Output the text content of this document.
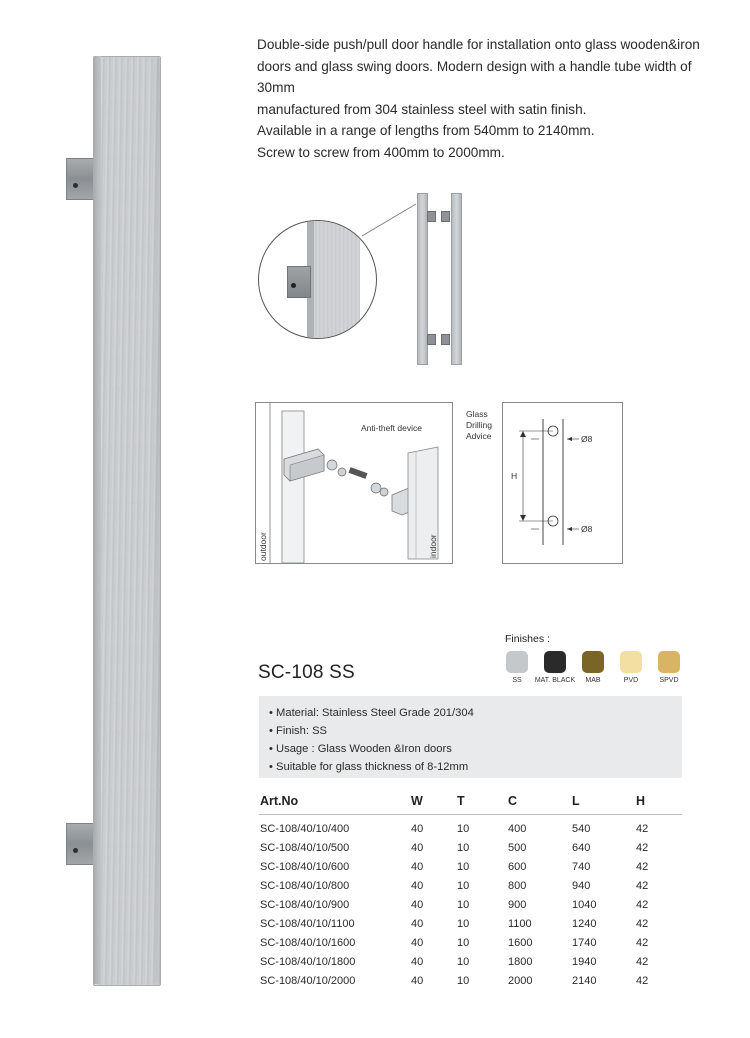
Double-side push/pull door handle for installation onto glass wooden&iron

doors and glass swing doors. Modern design with a handle tube width of 30mm

manufactured from 304 stainless steel with satin finish.

Available in a range of lengths from 540mm to 2140mm.

Screw to screw from 400mm to 2000mm.

Anti-theft device
outdoor	indoor
Glass
Drilling
Advice
H
Ø8
Ø8
SC-108 SS
Finishes :
SS	MAT. BLACK	MAB	PVD	SPVD
• Material: Stainless Steel Grade 201/304
• Finish: SS
• Usage : Glass Wooden &Iron doors
• Suitable for glass thickness of 8-12mm
Art.No	W	T	C	L	H
SC-108/40/10/400	40	10	400	540	42
SC-108/40/10/500	40	10	500	640	42
SC-108/40/10/600	40	10	600	740	42
SC-108/40/10/800	40	10	800	940	42
SC-108/40/10/900	40	10	900	1040	42
SC-108/40/10/1100	40	10	1100	1240	42
SC-108/40/10/1600	40	10	1600	1740	42
SC-108/40/10/1800	40	10	1800	1940	42
SC-108/40/10/2000	40	10	2000	2140	42
